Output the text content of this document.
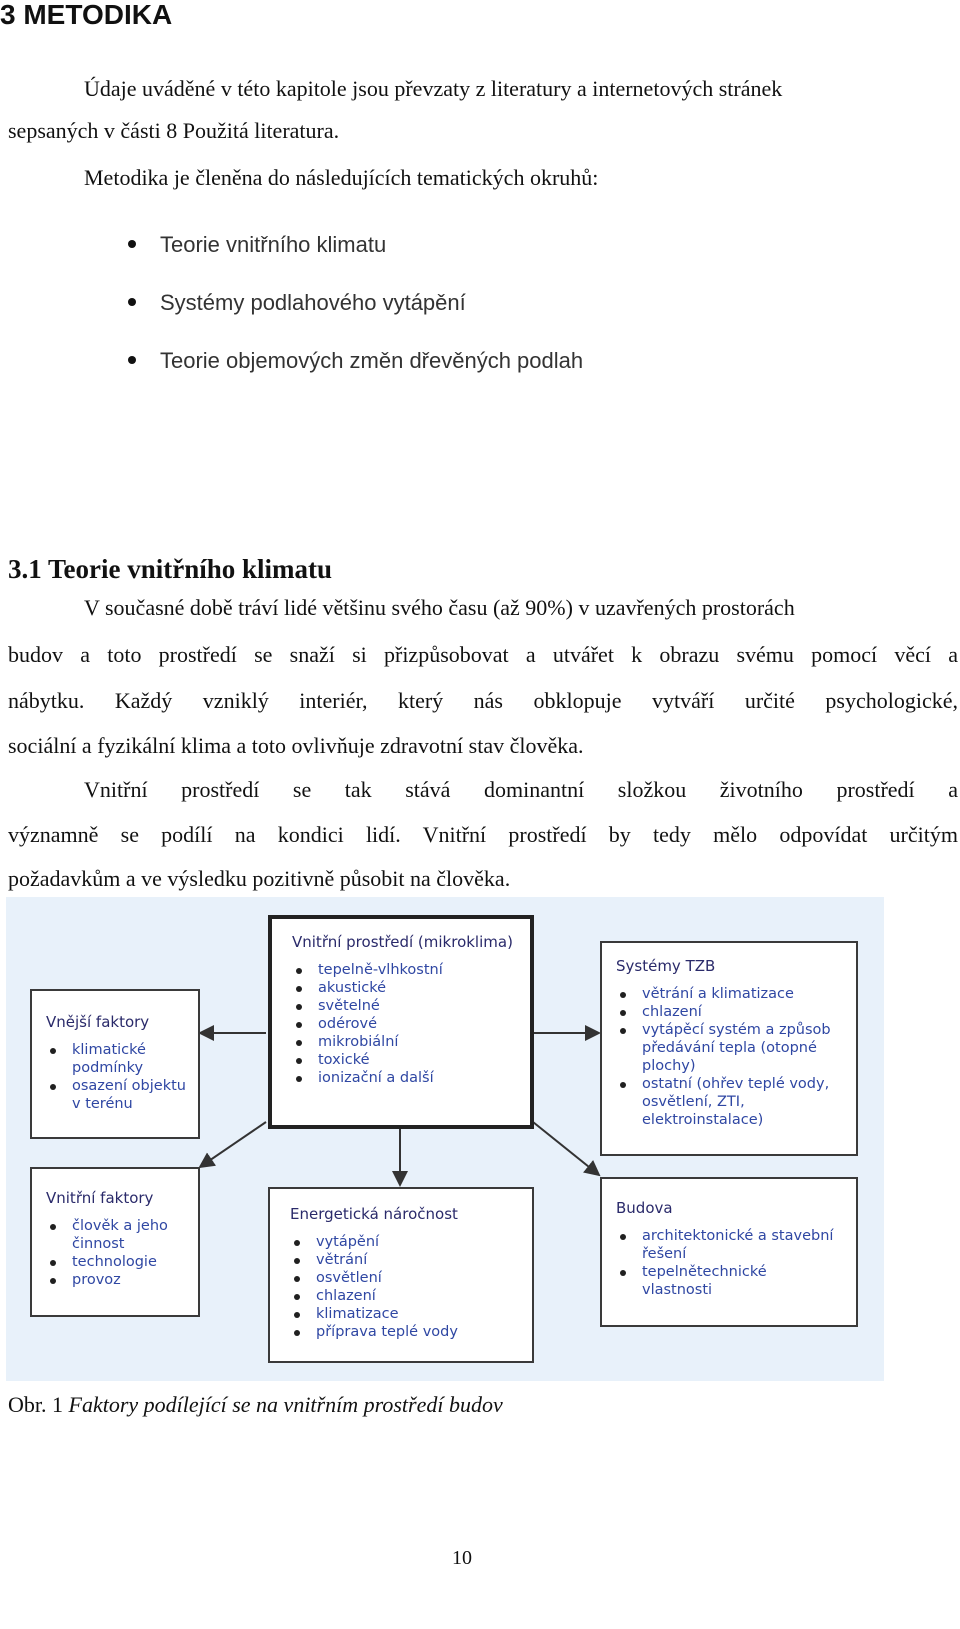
3 METODIKA
Údaje uváděné v této kapitole jsou převzaty z literatury a internetových stránek
sepsaných v části 8 Použitá literatura.
Metodika je členěna do následujících tematických okruhů:
Teorie vnitřního klimatu
Systémy podlahového vytápění
Teorie objemových změn dřevěných podlah
3.1 Teorie vnitřního klimatu
V současné době tráví lidé většinu svého času (až 90%) v uzavřených prostorách
budov a toto prostředí se snaží si přizpůsobovat a utvářet k obrazu svému pomocí věcí a
nábytku. Každý vzniklý interiér, který nás obklopuje vytváří určité psychologické,
sociální a fyzikální klima a toto ovlivňuje zdravotní stav člověka.
Vnitřní prostředí se tak stává dominantní složkou životního prostředí a
významně se podílí na kondici lidí. Vnitřní prostředí by tedy mělo odpovídat určitým
požadavkům a ve výsledku pozitivně působit na člověka.
Vnitřní prostředí (mikroklima)
tepelně-vlhkostní
akustické
světelné
odérové
mikrobiální
toxické
ionizační a další
Vnější faktory
klimatické
podmínky
osazení objektu
v terénu
Systémy TZB
větrání a klimatizace
chlazení
vytápěcí systém a způsob
předávání tepla (otopné
plochy)
ostatní (ohřev teplé vody,
osvětlení, ZTI,
elektroinstalace)
Vnitřní faktory
člověk a jeho
činnost
technologie
provoz
Energetická náročnost
vytápění
větrání
osvětlení
chlazení
klimatizace
příprava teplé vody
Budova
architektonické a stavební
řešení
tepelnětechnické
vlastnosti
Obr. 1 Faktory podílející se na vnitřním prostředí budov
10
